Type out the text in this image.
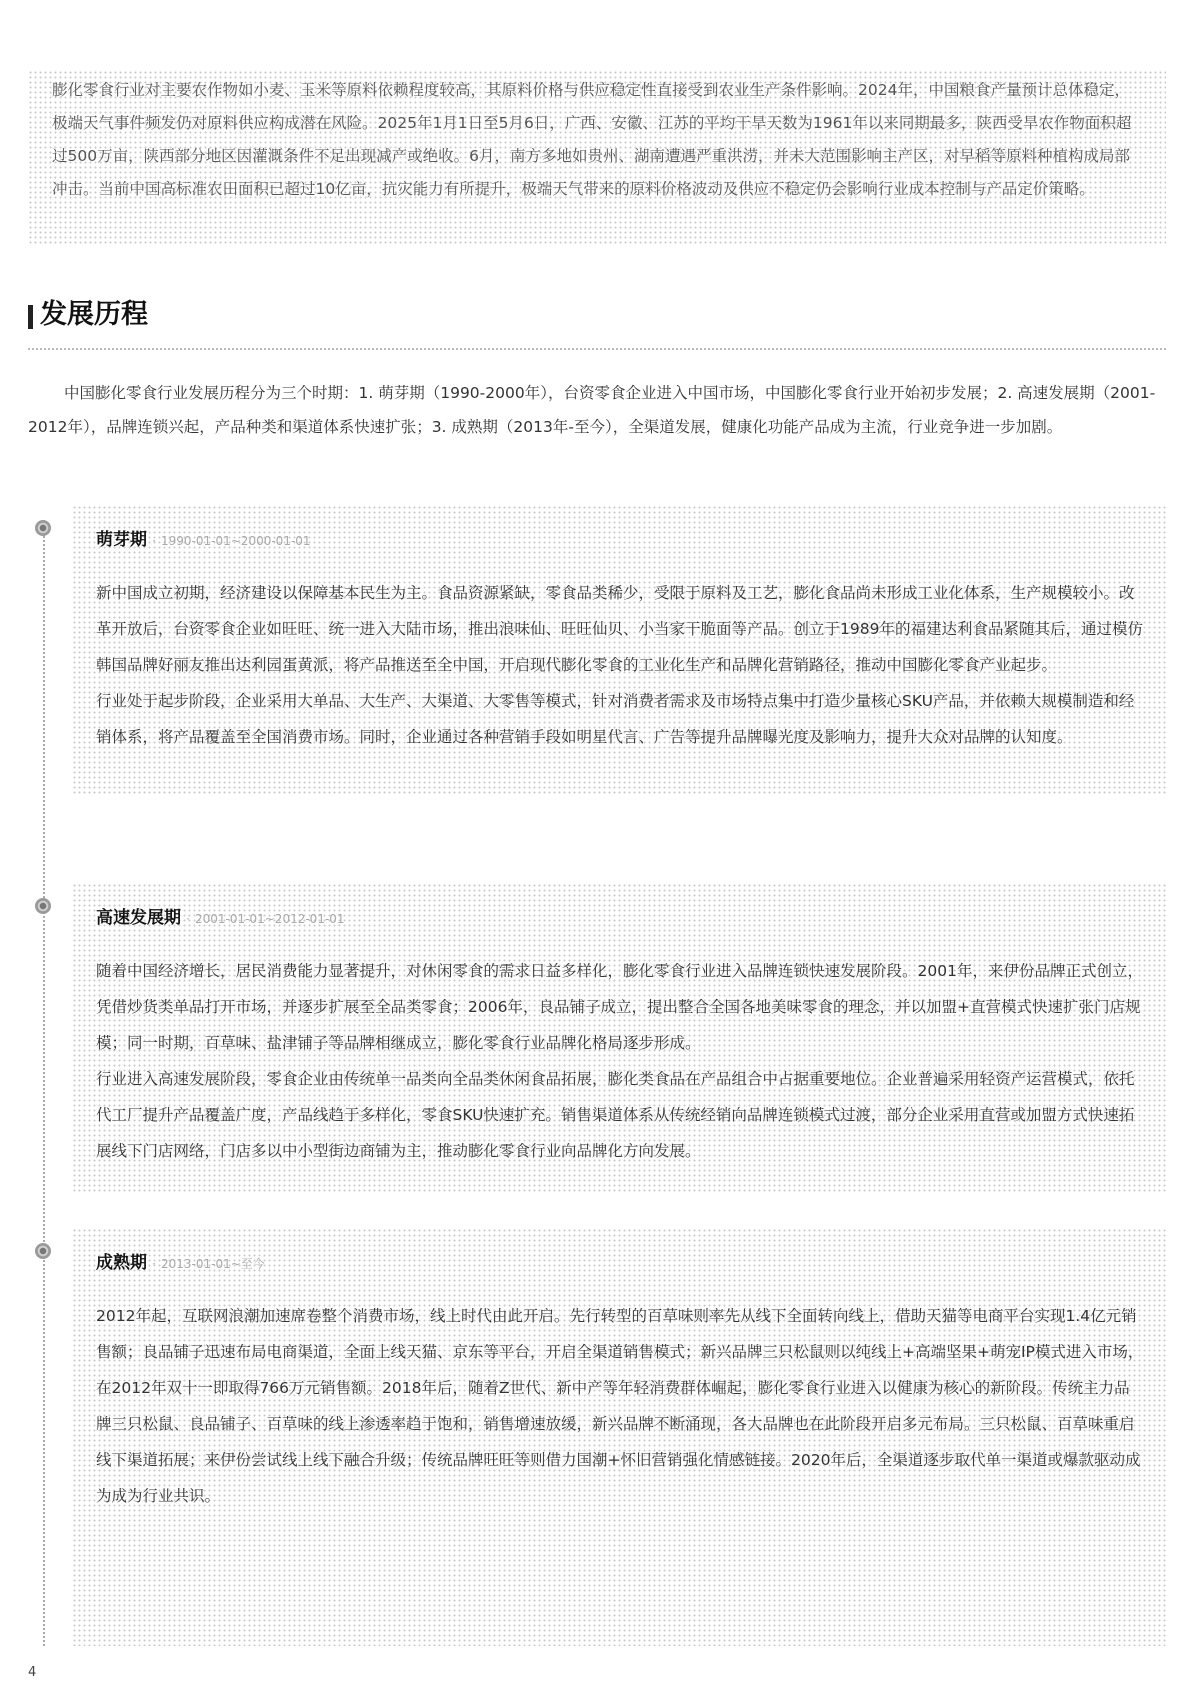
膨化零食行业对主要农作物如小麦、玉米等原料依赖程度较高，其原料价格与供应稳定性直接受到农业生产条件影响。2024年，中国粮食产量预计总体稳定，极端天气事件频发仍对原料供应构成潜在风险。2025年1月1日至5月6日，广西、安徽、江苏的平均干旱天数为1961年以来同期最多，陕西受旱农作物面积超过500万亩，陕西部分地区因灌溉条件不足出现减产或绝收。6月，南方多地如贵州、湖南遭遇严重洪涝，并未大范围影响主产区，对早稻等原料种植构成局部冲击。当前中国高标准农田面积已超过10亿亩，抗灾能力有所提升，极端天气带来的原料价格波动及供应不稳定仍会影响行业成本控制与产品定价策略。

发展历程

中国膨化零食行业发展历程分为三个时期：1. 萌芽期（1990-2000年），台资零食企业进入中国市场，中国膨化零食行业开始初步发展；2. 高速发展期（2001-2012年），品牌连锁兴起，产品种类和渠道体系快速扩张；3. 成熟期（2013年-至今），全渠道发展，健康化功能产品成为主流，行业竞争进一步加剧。

萌芽期 · 1990-01-01~2000-01-01

新中国成立初期，经济建设以保障基本民生为主。食品资源紧缺，零食品类稀少，受限于原料及工艺，膨化食品尚未形成工业化体系，生产规模较小。改革开放后，台资零食企业如旺旺、统一进入大陆市场，推出浪味仙、旺旺仙贝、小当家干脆面等产品。创立于1989年的福建达利食品紧随其后，通过模仿韩国品牌好丽友推出达利园蛋黄派，将产品推送至全中国，开启现代膨化零食的工业化生产和品牌化营销路径，推动中国膨化零食产业起步。

行业处于起步阶段，企业采用大单品、大生产、大渠道、大零售等模式，针对消费者需求及市场特点集中打造少量核心SKU产品，并依赖大规模制造和经销体系，将产品覆盖至全国消费市场。同时，企业通过各种营销手段如明星代言、广告等提升品牌曝光度及影响力，提升大众对品牌的认知度。

高速发展期 · 2001-01-01~2012-01-01

随着中国经济增长，居民消费能力显著提升，对休闲零食的需求日益多样化，膨化零食行业进入品牌连锁快速发展阶段。2001年，来伊份品牌正式创立，凭借炒货类单品打开市场，并逐步扩展至全品类零食；2006年，良品铺子成立，提出整合全国各地美味零食的理念，并以加盟+直营模式快速扩张门店规模；同一时期，百草味、盐津铺子等品牌相继成立，膨化零食行业品牌化格局逐步形成。

行业进入高速发展阶段，零食企业由传统单一品类向全品类休闲食品拓展，膨化类食品在产品组合中占据重要地位。企业普遍采用轻资产运营模式，依托代工厂提升产品覆盖广度，产品线趋于多样化，零食SKU快速扩充。销售渠道体系从传统经销向品牌连锁模式过渡，部分企业采用直营或加盟方式快速拓展线下门店网络，门店多以中小型街边商铺为主，推动膨化零食行业向品牌化方向发展。

成熟期 · 2013-01-01~至今

2012年起，互联网浪潮加速席卷整个消费市场，线上时代由此开启。先行转型的百草味则率先从线下全面转向线上，借助天猫等电商平台实现1.4亿元销售额；良品铺子迅速布局电商渠道，全面上线天猫、京东等平台，开启全渠道销售模式；新兴品牌三只松鼠则以纯线上+高端坚果+萌宠IP模式进入市场，在2012年双十一即取得766万元销售额。2018年后，随着Z世代、新中产等年轻消费群体崛起，膨化零食行业进入以健康为核心的新阶段。传统主力品牌三只松鼠、良品铺子、百草味的线上渗透率趋于饱和，销售增速放缓，新兴品牌不断涌现，各大品牌也在此阶段开启多元布局。三只松鼠、百草味重启线下渠道拓展；来伊份尝试线上线下融合升级；传统品牌旺旺等则借力国潮+怀旧营销强化情感链接。2020年后，全渠道逐步取代单一渠道或爆款驱动成为成为行业共识。

4
